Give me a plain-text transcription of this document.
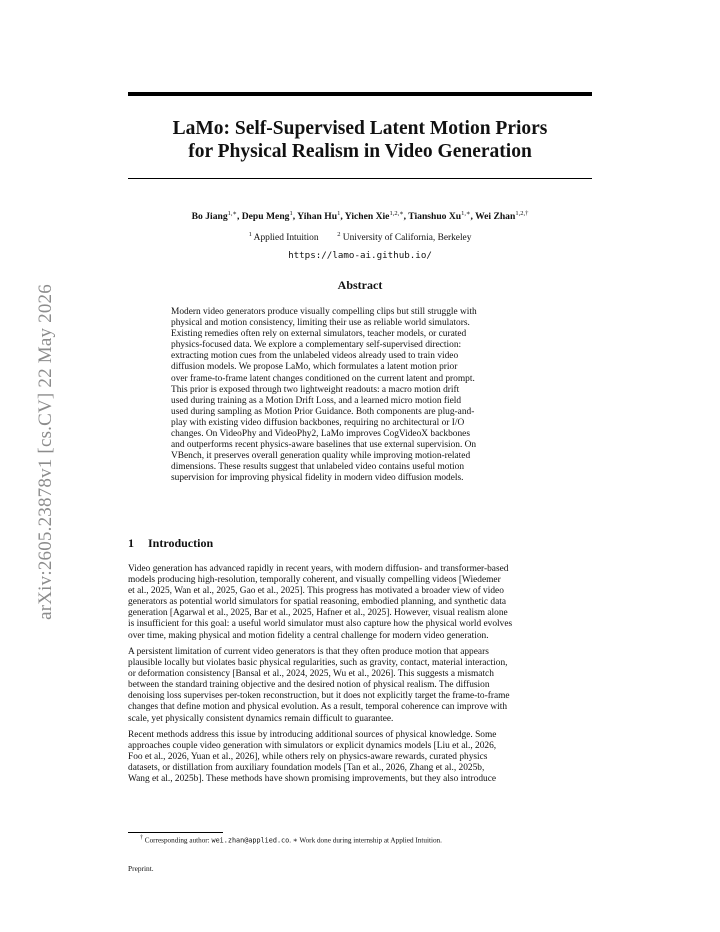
arXiv:2605.23878v1 [cs.CV] 22 May 2026
LaMo: Self-Supervised Latent Motion Priors
for Physical Realism in Video Generation
Bo Jiang$^{1,∗}$, Depu Meng$^1$, Yihan Hu$^1$, Yichen Xie$^{1,2,∗}$, Tianshuo $Xu^{1,∗}$, Wei Zhan$^{1,2,\dagger}$
$^1$ Applied Intuition	$^2$ University of California, Berkeley
https://lamo-ai.github.io/
Abstract
Modern video generators produce visually compelling clips but still struggle with
physical and motion consistency, limiting their use as reliable world simulators.
Existing remedies often rely on external simulators, teacher models, or curated
physics-focused data. We explore a complementary self-supervised direction:
extracting motion cues from the unlabeled videos already used to train video
diffusion models. We propose LaMo, which formulates a latent motion prior
over frame-to-frame latent changes conditioned on the current latent and prompt.
This prior is exposed through two lightweight readouts: a macro motion drift
used during training as a Motion Drift Loss, and a learned micro motion field
used during sampling as Motion Prior Guidance. Both components are plug-and-
play with existing video diffusion backbones, requiring no architectural or I/O
changes. On VideoPhy and VideoPhy2, LaMo improves CogVideoX backbones
and outperforms recent physics-aware baselines that use external supervision. On
VBench, it preserves overall generation quality while improving motion-related
dimensions. These results suggest that unlabeled video contains useful motion
supervision for improving physical fidelity in modern video diffusion models.
1 Introduction
Video generation has advanced rapidly in recent years, with modern diffusion- and transformer-based
models producing high-resolution, temporally coherent, and visually compelling videos [Wiedemer
et al., 2025, Wan et al., 2025, Gao et al., 2025]. This progress has motivated a broader view of video
generators as potential world simulators for spatial reasoning, embodied planning, and synthetic data
generation [Agarwal et al., 2025, Bar et al., 2025, Hafner et al., 2025]. However, visual realism alone
is insufficient for this goal: a useful world simulator must also capture how the physical world evolves
over time, making physical and motion fidelity a central challenge for modern video generation.
A persistent limitation of current video generators is that they often produce motion that appears
plausible locally but violates basic physical regularities, such as gravity, contact, material interaction,
or deformation consistency [Bansal et al., 2024, 2025, Wu et al., 2026]. This suggests a mismatch
between the standard training objective and the desired notion of physical realism. The diffusion
denoising loss supervises per-token reconstruction, but it does not explicitly target the frame-to-frame
changes that define motion and physical evolution. As a result, temporal coherence can improve with
scale, yet physically consistent dynamics remain difficult to guarantee.
Recent methods address this issue by introducing additional sources of physical knowledge. Some
approaches couple video generation with simulators or explicit dynamics models [Liu et al., 2026,
Foo et al., 2026, Yuan et al., 2026], while others rely on physics-aware rewards, curated physics
datasets, or distillation from auxiliary foundation models [Tan et al., 2026, Zhang et al., 2025b,
Wang et al., 2025b]. These methods have shown promising improvements, but they also introduce
† Corresponding author: wei.zhan@applied.co. ∗ Work done during internship at Applied Intuition.
Preprint.
